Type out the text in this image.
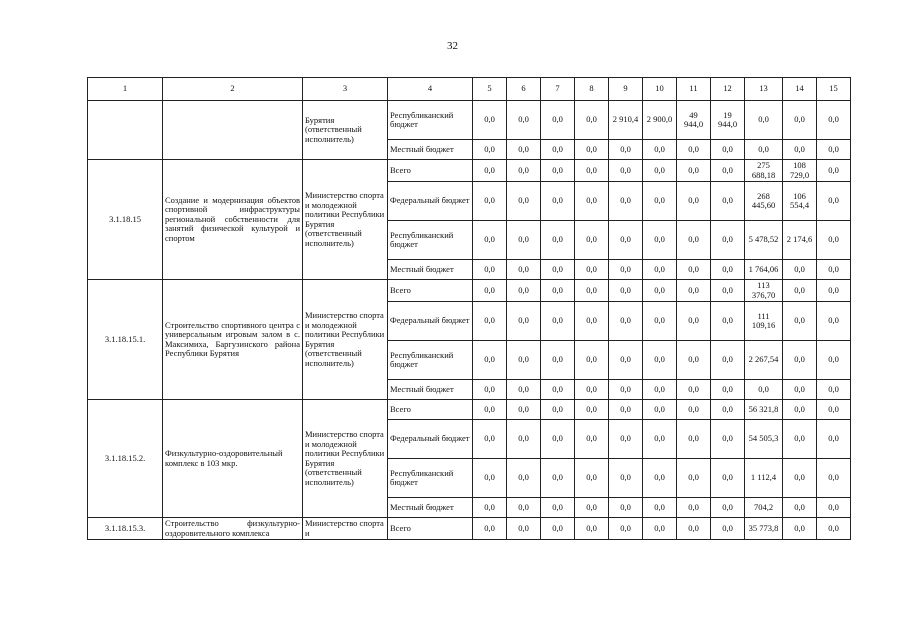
32
1	2	3	4	5	6	7	8	9	10	11	12	13	14	15
		Бурятия (ответственный исполнитель)	Республиканский бюджет	0,0	0,0	0,0	0,0	2 910,4	2 900,0	49 944,0	19 944,0	0,0	0,0	0,0
			Местный бюджет	0,0	0,0	0,0	0,0	0,0	0,0	0,0	0,0	0,0	0,0	0,0
3.1.18.15	Создание и модернизация объектов спортивной инфраструктуры региональной собственности для занятий физической культурой и спортом	Министерство спорта и молодежной политики Республики Бурятия (ответственный исполнитель)	Всего	0,0	0,0	0,0	0,0	0,0	0,0	0,0	0,0	275 688,18	108 729,0	0,0
			Федеральный бюджет	0,0	0,0	0,0	0,0	0,0	0,0	0,0	0,0	268 445,60	106 554,4	0,0
			Республиканский бюджет	0,0	0,0	0,0	0,0	0,0	0,0	0,0	0,0	5 478,52	2 174,6	0,0
			Местный бюджет	0,0	0,0	0,0	0,0	0,0	0,0	0,0	0,0	1 764,06	0,0	0,0
3.1.18.15.1.	Строительство спортивного центра с универсальным игровым залом в с. Максимиха, Баргузинского района Республики Бурятия	Министерство спорта и молодежной политики Республики Бурятия (ответственный исполнитель)	Всего	0,0	0,0	0,0	0,0	0,0	0,0	0,0	0,0	113 376,70	0,0	0,0
			Федеральный бюджет	0,0	0,0	0,0	0,0	0,0	0,0	0,0	0,0	111 109,16	0,0	0,0
			Республиканский бюджет	0,0	0,0	0,0	0,0	0,0	0,0	0,0	0,0	2 267,54	0,0	0,0
			Местный бюджет	0,0	0,0	0,0	0,0	0,0	0,0	0,0	0,0	0,0	0,0	0,0
3.1.18.15.2.	Физкультурно-оздоровительный комплекс в 103 мкр.	Министерство спорта и молодежной политики Республики Бурятия (ответственный исполнитель)	Всего	0,0	0,0	0,0	0,0	0,0	0,0	0,0	0,0	56 321,8	0,0	0,0
			Федеральный бюджет	0,0	0,0	0,0	0,0	0,0	0,0	0,0	0,0	54 505,3	0,0	0,0
			Республиканский бюджет	0,0	0,0	0,0	0,0	0,0	0,0	0,0	0,0	1 112,4	0,0	0,0
			Местный бюджет	0,0	0,0	0,0	0,0	0,0	0,0	0,0	0,0	704,2	0,0	0,0
3.1.18.15.3.	Строительство физкультурно-оздоровительного комплекса	Министерство спорта и	Всего	0,0	0,0	0,0	0,0	0,0	0,0	0,0	0,0	35 773,8	0,0	0,0
